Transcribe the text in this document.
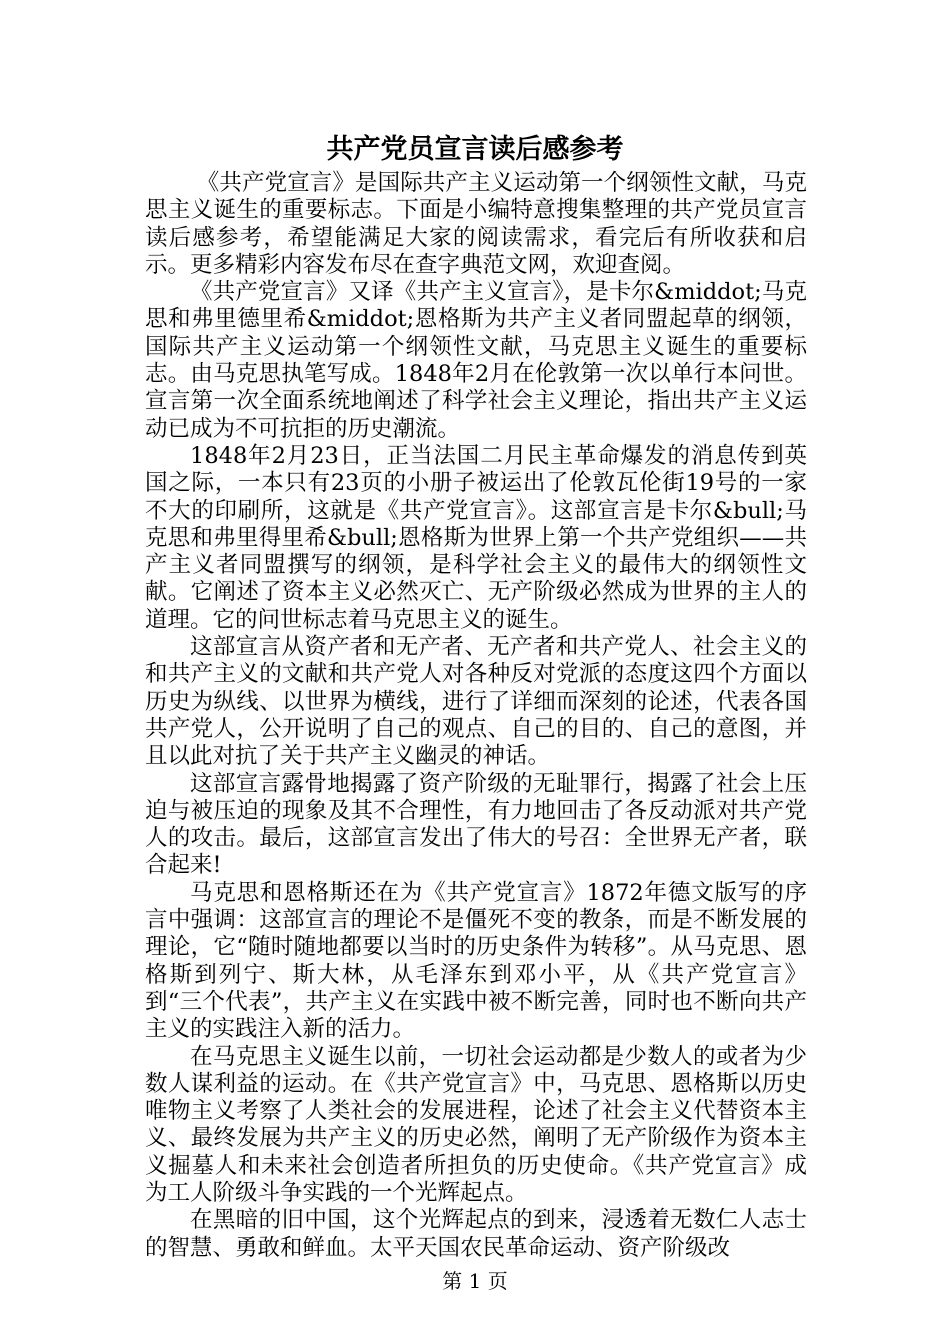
共产党员宣言读后感参考

《共产党宣言》是国际共产主义运动第一个纲领性文献，马克思主义诞生的重要标志。下面是小编特意搜集整理的共产党员宣言读后感参考，希望能满足大家的阅读需求，看完后有所收获和启示。更多精彩内容发布尽在查字典范文网，欢迎查阅。

《共产党宣言》又译《共产主义宣言》，是卡尔&middot;马克思和弗里德里希&middot;恩格斯为共产主义者同盟起草的纲领，国际共产主义运动第一个纲领性文献，马克思主义诞生的重要标志。由马克思执笔写成。1848年2月在伦敦第一次以单行本问世。宣言第一次全面系统地阐述了科学社会主义理论，指出共产主义运动已成为不可抗拒的历史潮流。

1848年2月23日，正当法国二月民主革命爆发的消息传到英国之际，一本只有23页的小册子被运出了伦敦瓦伦街19号的一家不大的印刷所，这就是《共产党宣言》。这部宣言是卡尔&bull;马克思和弗里得里希&bull;恩格斯为世界上第一个共产党组织——共产主义者同盟撰写的纲领，是科学社会主义的最伟大的纲领性文献。它阐述了资本主义必然灭亡、无产阶级必然成为世界的主人的道理。它的问世标志着马克思主义的诞生。

这部宣言从资产者和无产者、无产者和共产党人、社会主义的和共产主义的文献和共产党人对各种反对党派的态度这四个方面以历史为纵线、以世界为横线，进行了详细而深刻的论述，代表各国共产党人，公开说明了自己的观点、自己的目的、自己的意图，并且以此对抗了关于共产主义幽灵的神话。

这部宣言露骨地揭露了资产阶级的无耻罪行，揭露了社会上压迫与被压迫的现象及其不合理性，有力地回击了各反动派对共产党人的攻击。最后，这部宣言发出了伟大的号召：全世界无产者，联合起来!

马克思和恩格斯还在为《共产党宣言》1872年德文版写的序言中强调：这部宣言的理论不是僵死不变的教条，而是不断发展的理论，它“随时随地都要以当时的历史条件为转移”。从马克思、恩格斯到列宁、斯大林，从毛泽东到邓小平，从《共产党宣言》到“三个代表”，共产主义在实践中被不断完善，同时也不断向共产主义的实践注入新的活力。

在马克思主义诞生以前，一切社会运动都是少数人的或者为少数人谋利益的运动。在《共产党宣言》中，马克思、恩格斯以历史唯物主义考察了人类社会的发展进程，论述了社会主义代替资本主义、最终发展为共产主义的历史必然，阐明了无产阶级作为资本主义掘墓人和未来社会创造者所担负的历史使命。《共产党宣言》成为工人阶级斗争实践的一个光辉起点。

在黑暗的旧中国，这个光辉起点的到来，浸透着无数仁人志士的智慧、勇敢和鲜血。太平天国农民革命运动、资产阶级改

第 1 页
